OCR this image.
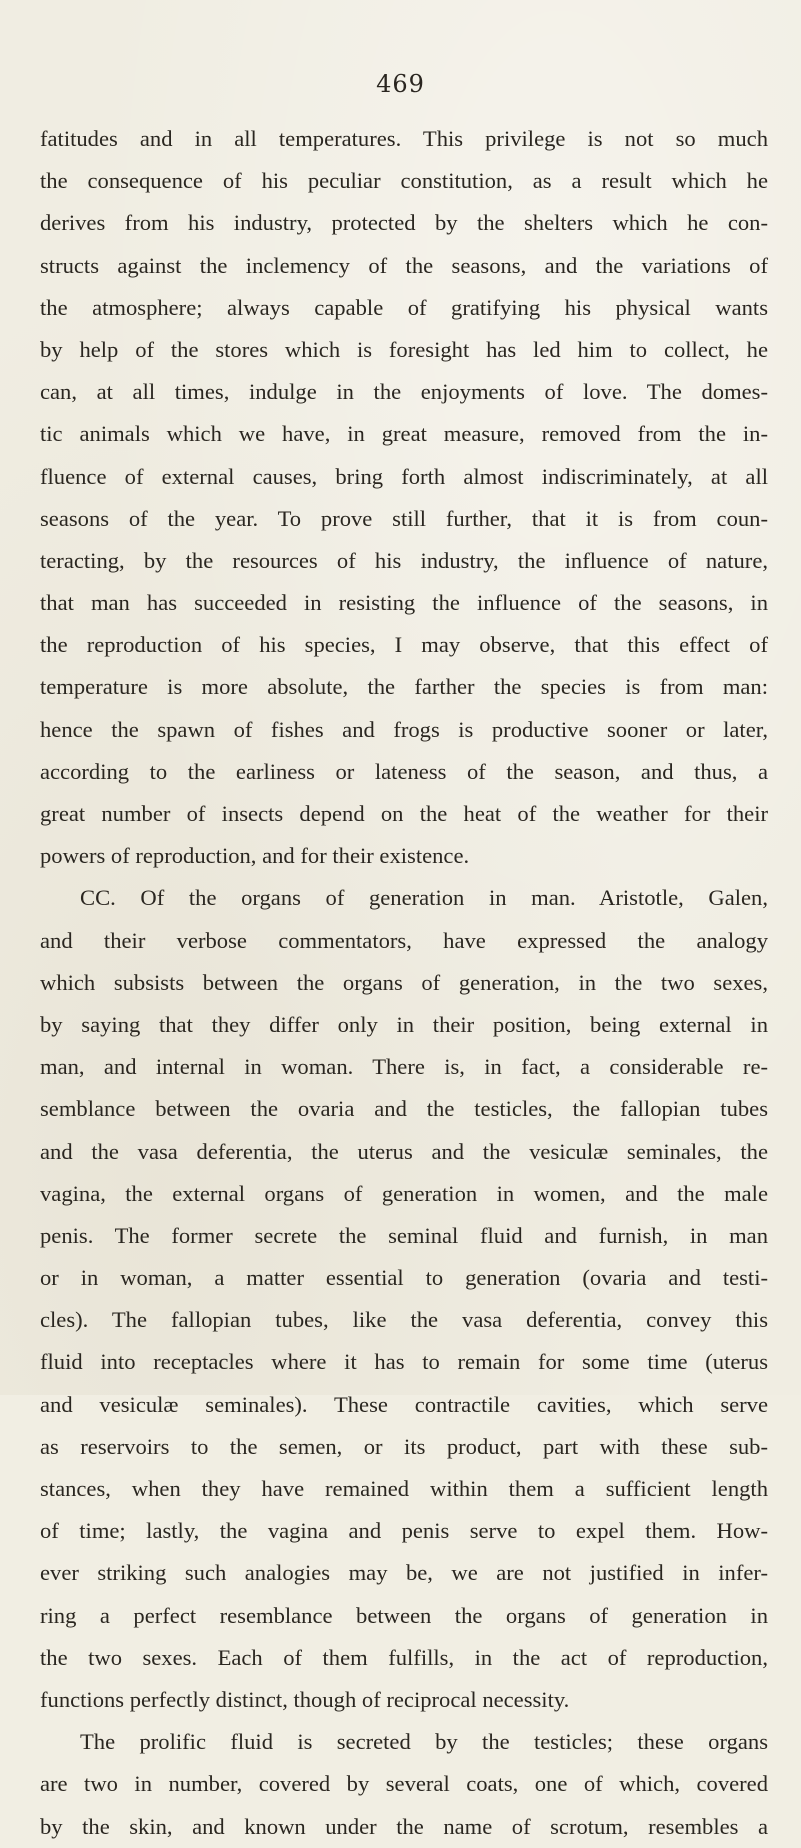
469
fatitudes and in all temperatures. This privilege is not so much
the consequence of his peculiar constitution, as a result which he
derives from his industry, protected by the shelters which he con-
structs against the inclemency of the seasons, and the variations of
the atmosphere; always capable of gratifying his physical wants
by help of the stores which is foresight has led him to collect, he
can, at all times, indulge in the enjoyments of love. The domes-
tic animals which we have, in great measure, removed from the in-
fluence of external causes, bring forth almost indiscriminately, at all
seasons of the year. To prove still further, that it is from coun-
teracting, by the resources of his industry, the influence of nature,
that man has succeeded in resisting the influence of the seasons, in
the reproduction of his species, I may observe, that this effect of
temperature is more absolute, the farther the species is from man:
hence the spawn of fishes and frogs is productive sooner or later,
according to the earliness or lateness of the season, and thus, a
great number of insects depend on the heat of the weather for their
powers of reproduction, and for their existence.
CC. Of the organs of generation in man. Aristotle, Galen,
and their verbose commentators, have expressed the analogy
which subsists between the organs of generation, in the two sexes,
by saying that they differ only in their position, being external in
man, and internal in woman. There is, in fact, a considerable re-
semblance between the ovaria and the testicles, the fallopian tubes
and the vasa deferentia, the uterus and the vesiculæ seminales, the
vagina, the external organs of generation in women, and the male
penis. The former secrete the seminal fluid and furnish, in man
or in woman, a matter essential to generation (ovaria and testi-
cles). The fallopian tubes, like the vasa deferentia, convey this
fluid into receptacles where it has to remain for some time (uterus
and vesiculæ seminales). These contractile cavities, which serve
as reservoirs to the semen, or its product, part with these sub-
stances, when they have remained within them a sufficient length
of time; lastly, the vagina and penis serve to expel them. How-
ever striking such analogies may be, we are not justified in infer-
ring a perfect resemblance between the organs of generation in
the two sexes. Each of them fulfills, in the act of reproduction,
functions perfectly distinct, though of reciprocal necessity.
The prolific fluid is secreted by the testicles; these organs
are two in number, covered by several coats, one of which, covered
by the skin, and known under the name of scrotum, resembles a
